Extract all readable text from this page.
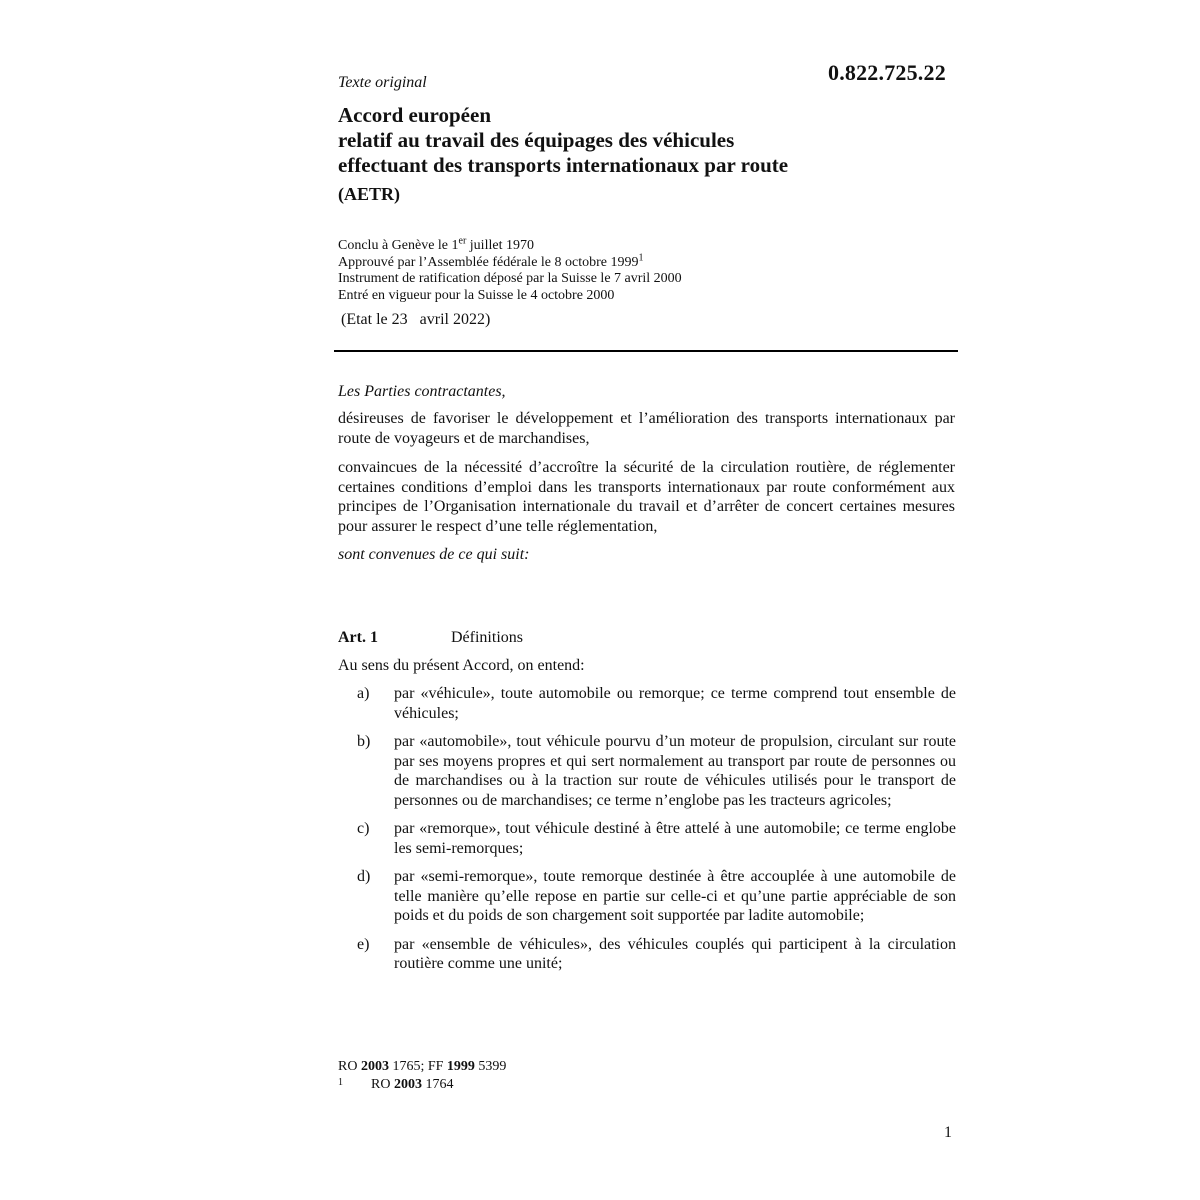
0.822.725.22
Texte original
Accord européen
relatif au travail des équipages des véhicules
effectuant des transports internationaux par route
(AETR)
Conclu à Genève le 1er juillet 1970
Approuvé par l’Assemblée fédérale le 8 octobre 1999$^1$
Instrument de ratification déposé par la Suisse le 7 avril 2000
Entré en vigueur pour la Suisse le 4 octobre 2000
(Etat le 23   avril 2022)
Les Parties contractantes,
désireuses de favoriser le développement et l’amélioration des transports internationaux par route de voyageurs et de marchandises,
convaincues de la nécessité d’accroître la sécurité de la circulation routière, de réglementer certaines conditions d’emploi dans les transports internationaux par route conformément aux principes de l’Organisation internationale du travail et d’arrêter de concert certaines mesures pour assurer le respect d’une telle réglementation,
sont convenues de ce qui suit:
Art. 1	Définitions
Au sens du présent Accord, on entend:
a) par «véhicule», toute automobile ou remorque; ce terme comprend tout ensemble de véhicules;
b) par «automobile», tout véhicule pourvu d’un moteur de propulsion, circulant sur route par ses moyens propres et qui sert normalement au transport par route de personnes ou de marchandises ou à la traction sur route de véhicules utilisés pour le transport de personnes ou de marchandises; ce terme n’englobe pas les tracteurs agricoles;
c) par «remorque», tout véhicule destiné à être attelé à une automobile; ce terme englobe les semi-remorques;
d) par «semi-remorque», toute remorque destinée à être accouplée à une automobile de telle manière qu’elle repose en partie sur celle-ci et qu’une partie appréciable de son poids et du poids de son chargement soit supportée par ladite automobile;
e) par «ensemble de véhicules», des véhicules couplés qui participent à la circulation routière comme une unité;
RO 2003 1765; FF 1999 5399
1 RO 2003 1764
1
